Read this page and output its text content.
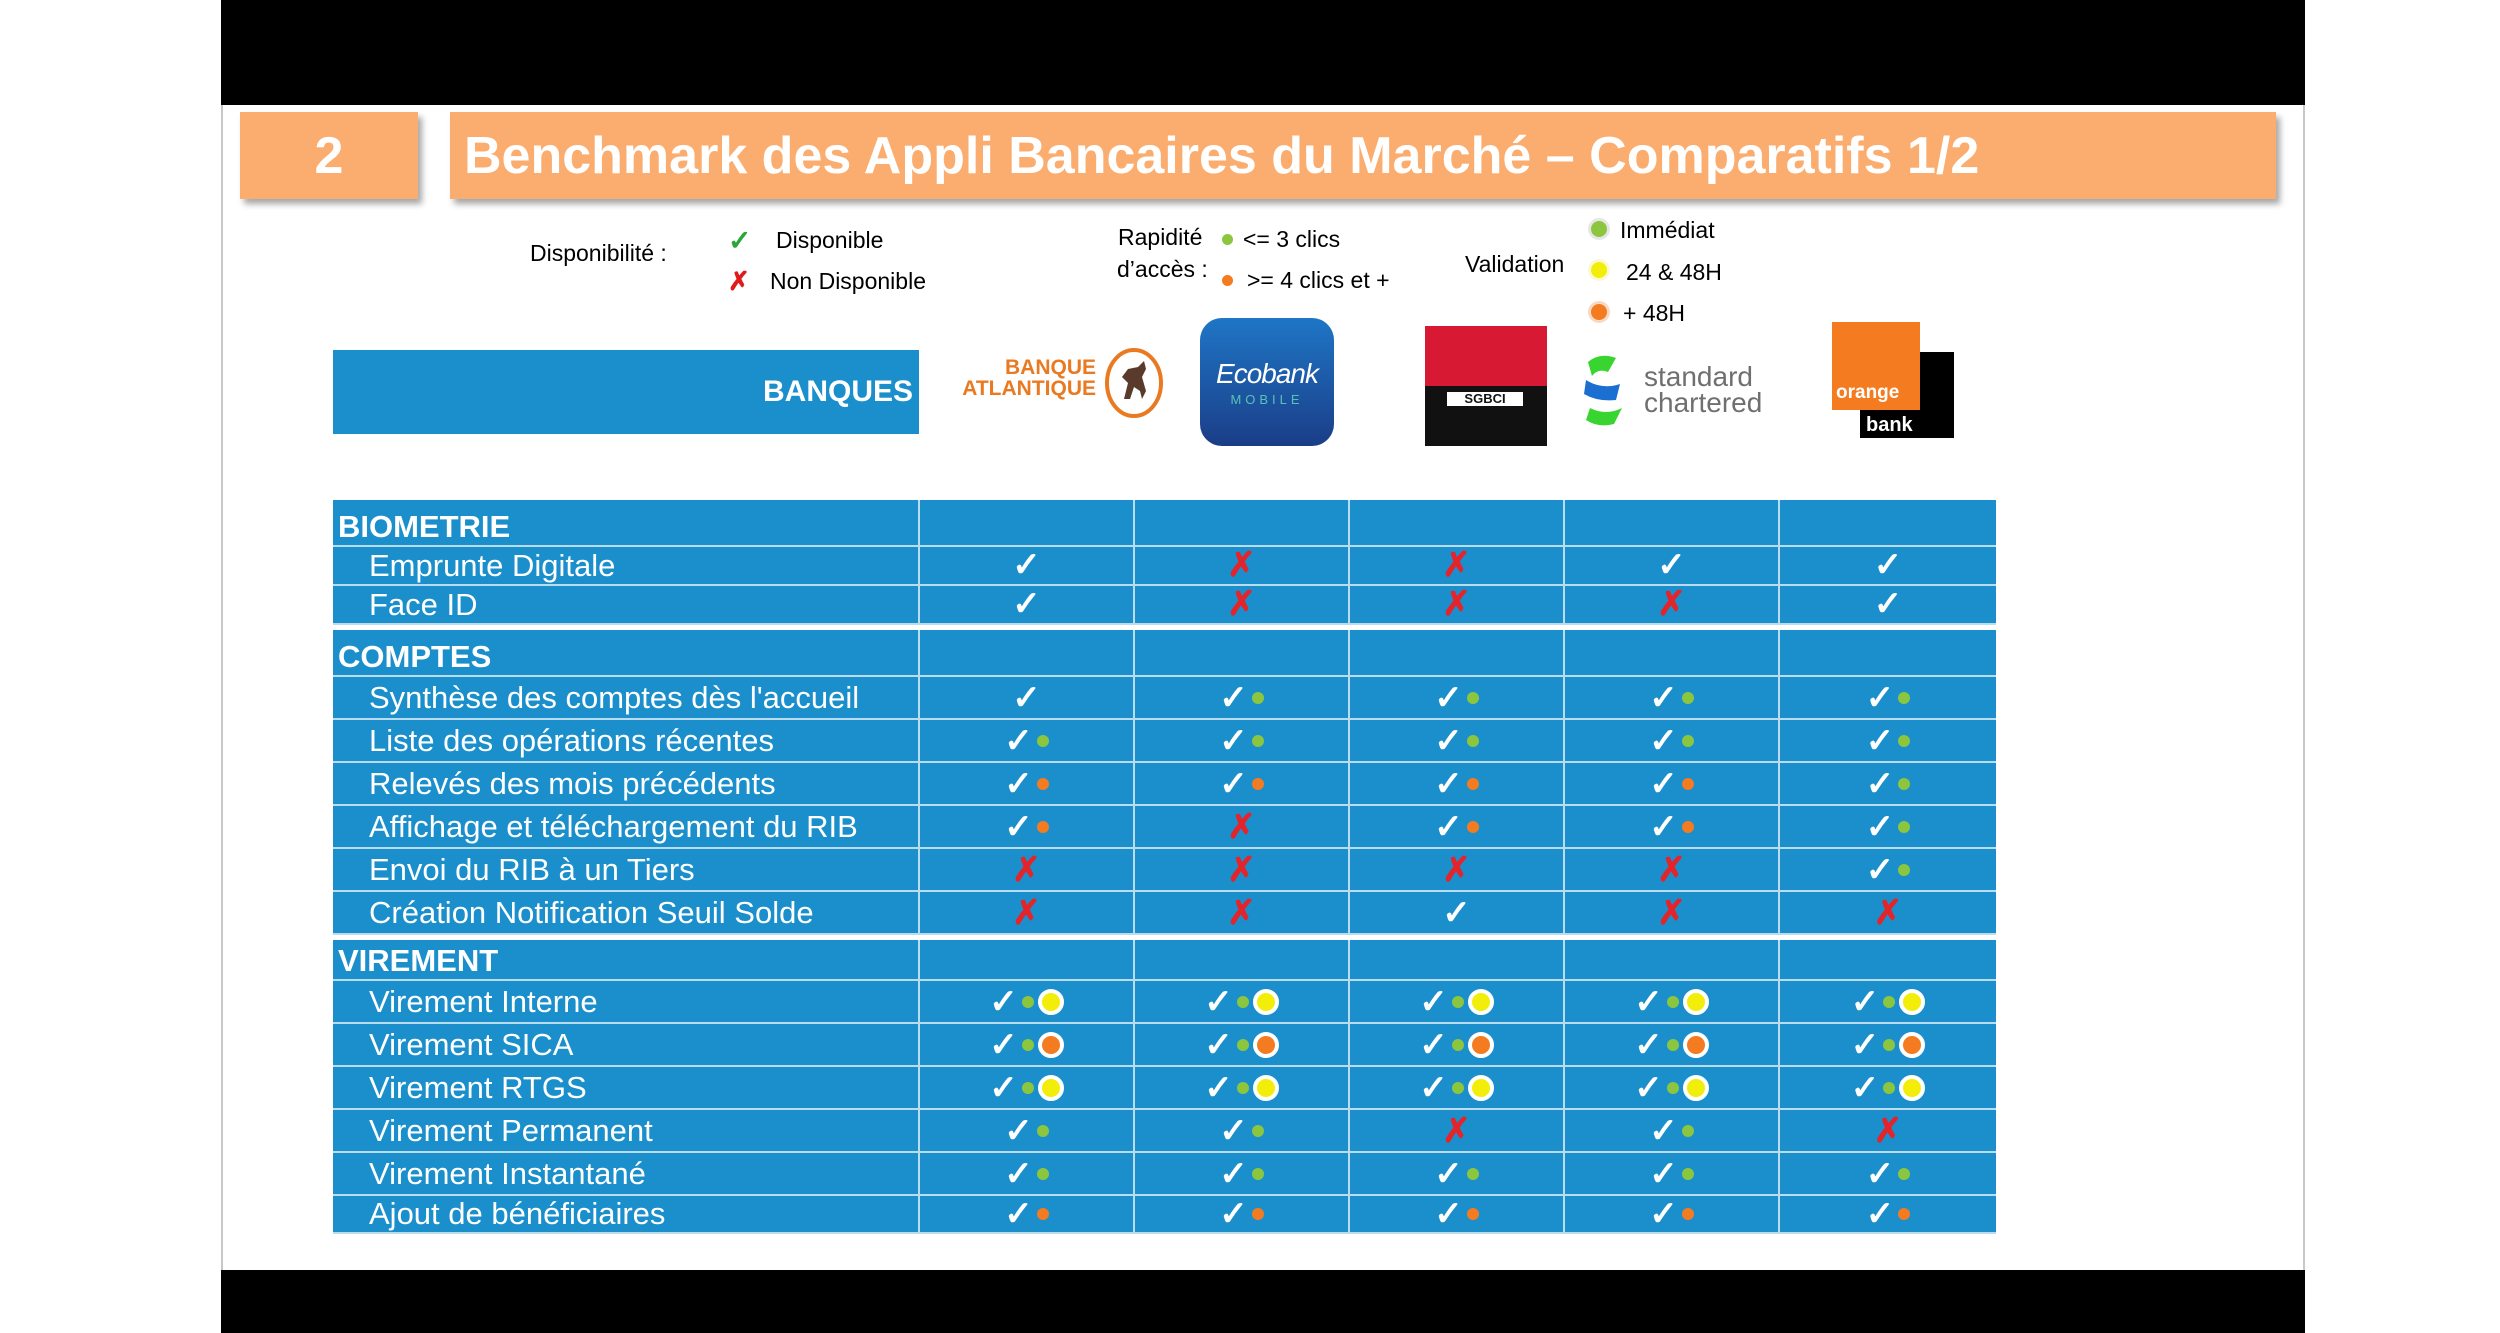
2	Benchmark des Appli Bancaires du Marché – Comparatifs 1/2
Disponibilité : ✓ Disponible
✗ Non Disponible
Rapidité
d’accès :
<= 3 clics
>= 4 clics et +
Validation
Immédiat
24 & 48H
+ 48H
BANQUES
BANQUE
ATLANTIQUE	Ecobank
MOBILE	SGBCI
standard
chartered	orange
bank
BIOMETRIE					
Emprunte Digitale	✓	✗	✗	✓	✓

Face ID	✓	✗	✗	✗	✓

COMPTES					
Synthèse des comptes dès l'accueil	✓	✓	✓	✓	✓

Liste des opérations récentes	✓	✓	✓	✓	✓

Relevés des mois précédents	✓	✓	✓	✓	✓

Affichage et téléchargement du RIB	✓	✗	✓	✓	✓

Envoi du RIB à un Tiers	✗	✗	✗	✗	✓

Création Notification Seuil Solde	✗	✗	✓	✗	✗

VIREMENT					
Virement Interne	✓	✓	✓	✓	✓

Virement SICA	✓	✓	✓	✓	✓

Virement RTGS	✓	✓	✓	✓	✓

Virement Permanent	✓	✓	✗	✓	✗

Virement Instantané	✓	✓	✓	✓	✓

Ajout de bénéficiaires	✓	✓	✓	✓	✓
